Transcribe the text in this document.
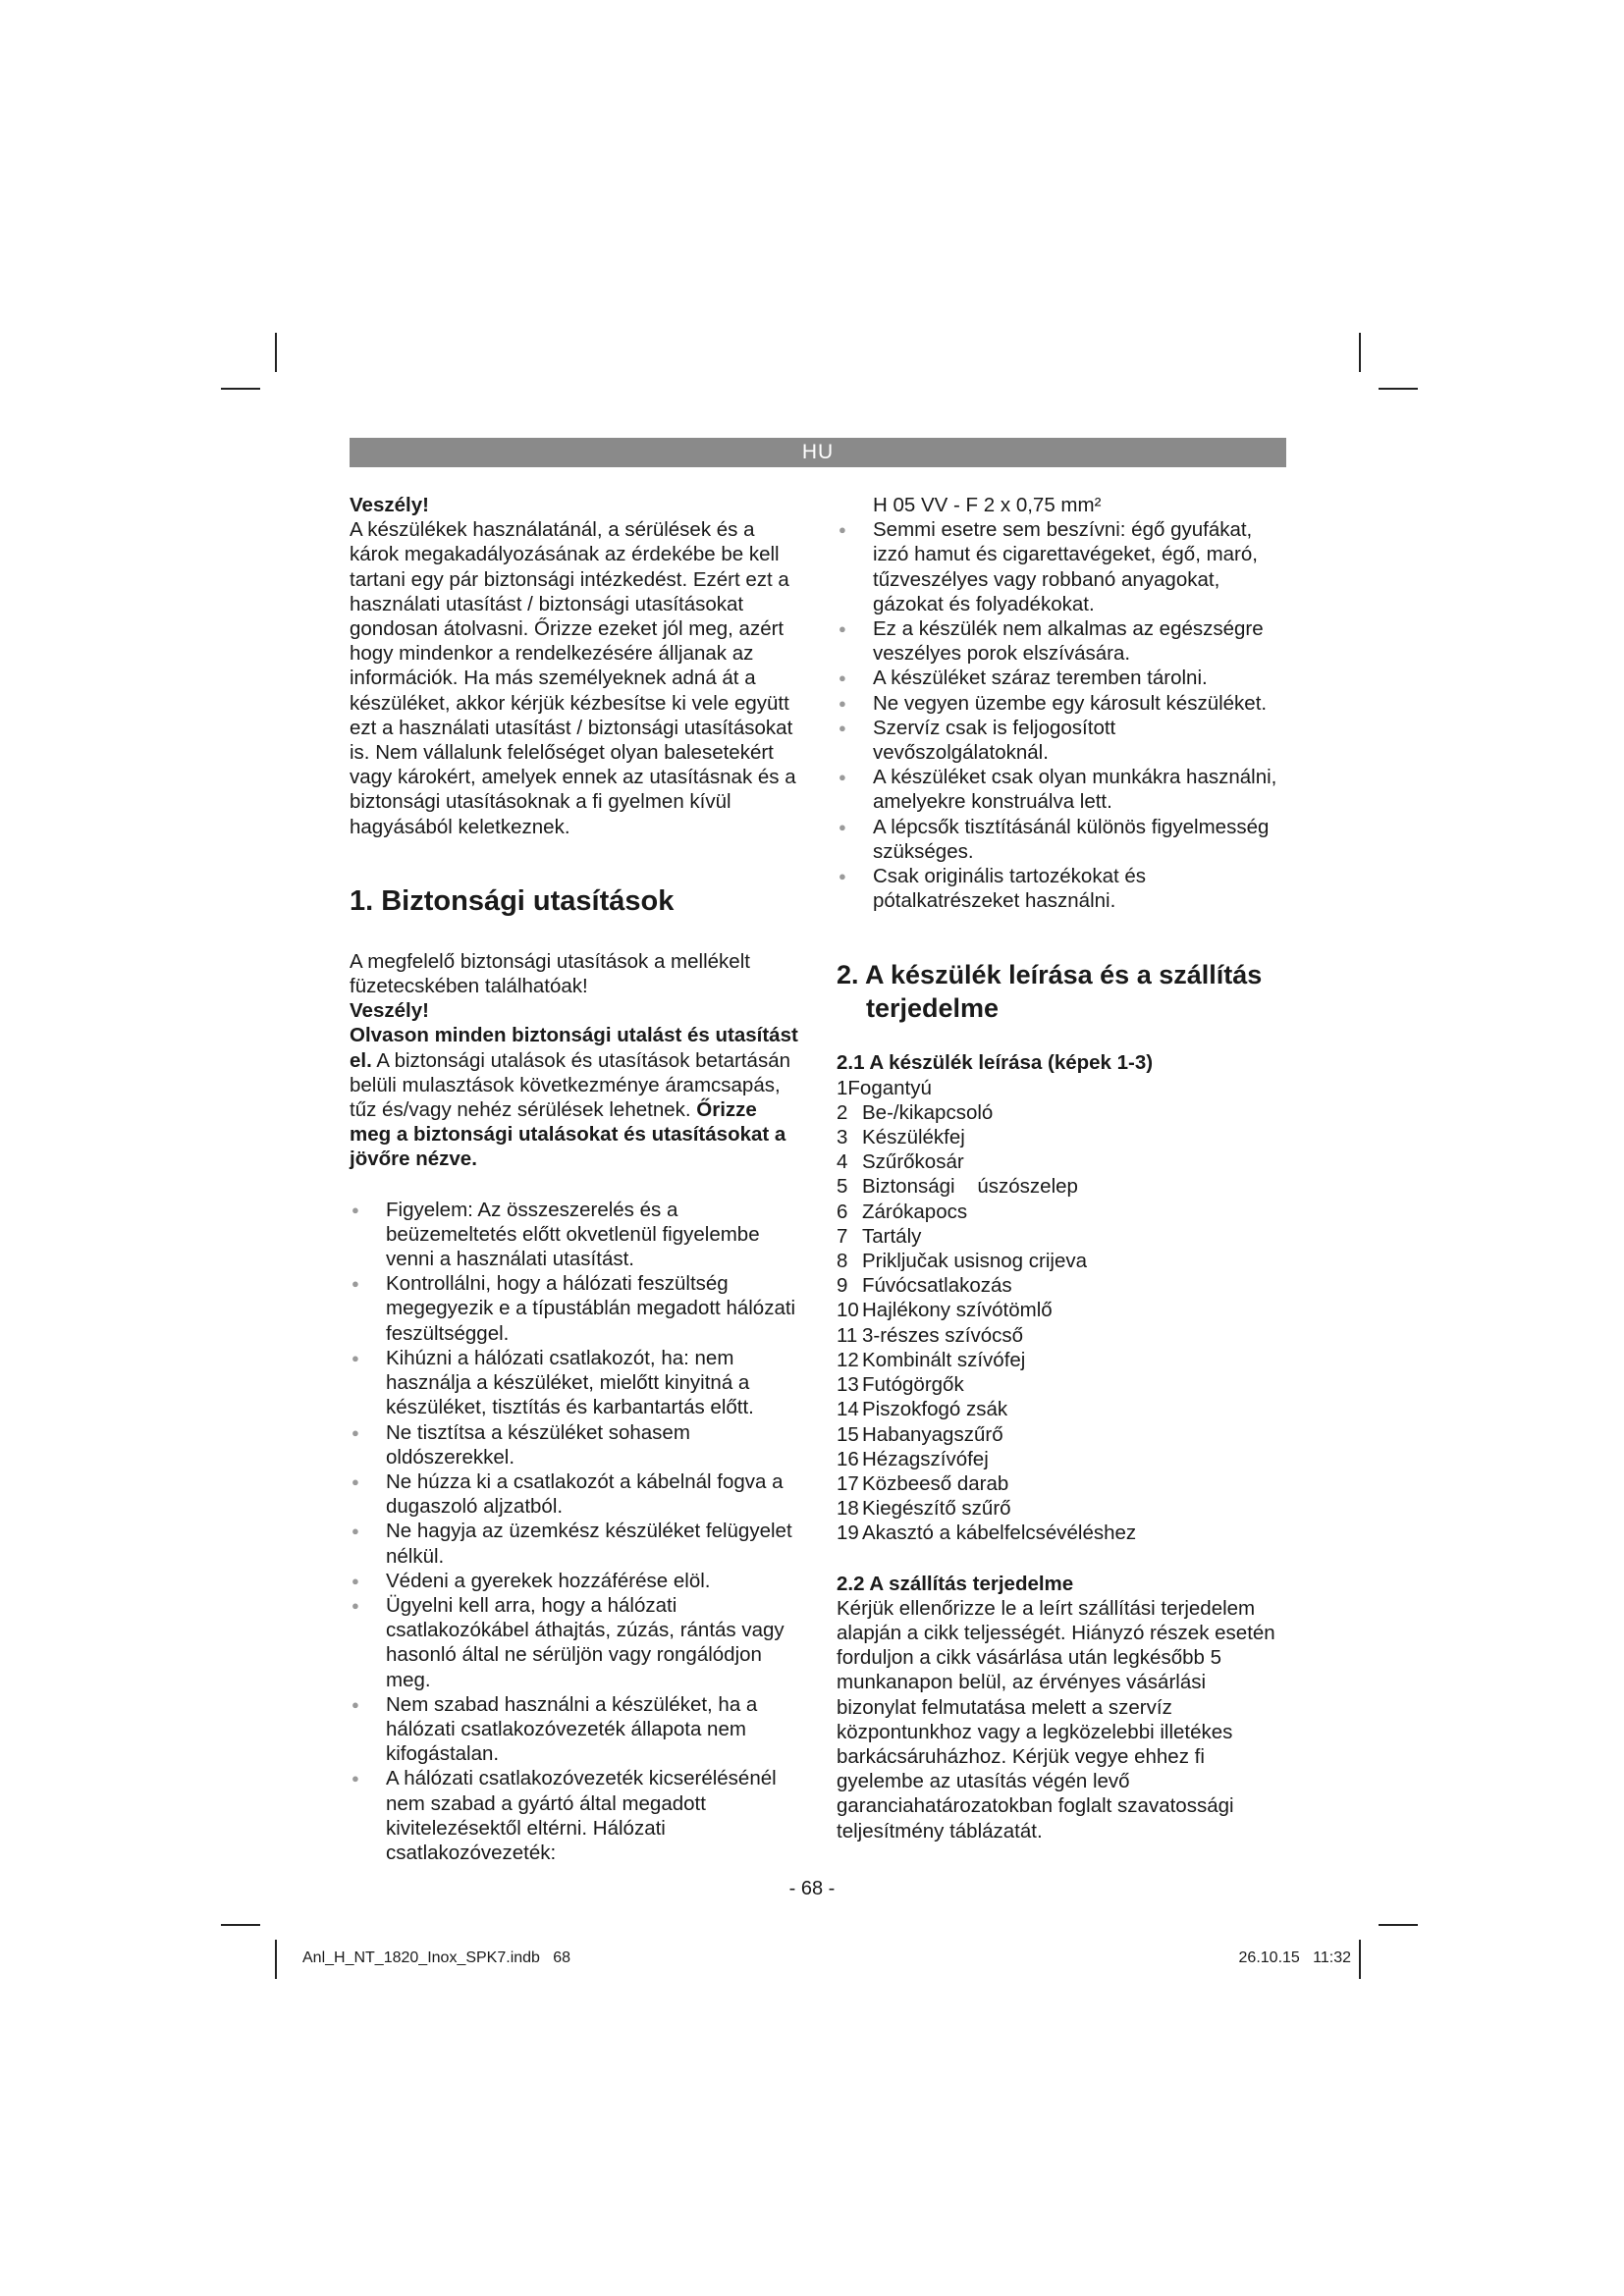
HU

Veszély!

A készülékek használatánál, a sérülések és a károk megakadályozásának az érdekébe be kell tartani egy pár biztonsági intézkedést. Ezért ezt a használati utasítást / biztonsági utasításokat gondosan átolvasni. Őrizze ezeket jól meg, azért hogy mindenkor a rendelkezésére álljanak az információk. Ha más személyeknek adná át a készüléket, akkor kérjük kézbesítse ki vele együtt ezt a használati utasítást / biztonsági utasításokat is. Nem vállalunk felelőséget olyan balesetekért vagy károkért, amelyek ennek az utasításnak és a biztonsági utasításoknak a fi gyelmen kívül hagyásából keletkeznek.

1. Biztonsági utasítások

A megfelelő biztonsági utasítások a mellékelt füzetecskében találhatóak!

Veszély!

Olvason minden biztonsági utalást és utasítást el. A biztonsági utalások és utasítások betartásán belüli mulasztások következménye áramcsapás, tűz és/vagy nehéz sérülések lehetnek. Őrizze meg a biztonsági utalásokat és utasításokat a jövőre nézve.

● Figyelem: Az összeszerelés és a beüzemeltetés előtt okvetlenül figyelembe venni a használati utasítást.
● Kontrollálni, hogy a hálózati feszültség megegyezik e a típustáblán megadott hálózati feszültséggel.
● Kihúzni a hálózati csatlakozót, ha: nem használja a készüléket, mielőtt kinyitná a készüléket, tisztítás és karbantartás előtt.
● Ne tisztítsa a készüléket sohasem oldószerekkel.
● Ne húzza ki a csatlakozót a kábelnál fogva a dugaszoló aljzatból.
● Ne hagyja az üzemkész készüléket felügyelet nélkül.
● Védeni a gyerekek hozzáférése elöl.
● Ügyelni kell arra, hogy a hálózati csatlakozókábel áthajtás, zúzás, rántás vagy hasonló által ne sérüljön vagy rongálódjon meg.
● Nem szabad használni a készüléket, ha a hálózati csatlakozóvezeték állapota nem kifogástalan.
● A hálózati csatlakozóvezeték kicserélésénél nem szabad a gyártó által megadott kivitelezésektől eltérni. Hálózati csatlakozóvezeték:

H 05 VV - F 2 x 0,75 mm²

● Semmi esetre sem beszívni: égő gyufákat, izzó hamut és cigarettavégeket, égő, maró, tűzveszélyes vagy robbanó anyagokat, gázokat és folyadékokat.
● Ez a készülék nem alkalmas az egészségre veszélyes porok elszívására.
● A készüléket száraz teremben tárolni.
● Ne vegyen üzembe egy károsult készüléket.
● Szervíz csak is feljogosított vevőszolgálatoknál.
● A készüléket csak olyan munkákra használni, amelyekre konstruálva lett.
● A lépcsők tisztításánál különös figyelmesség szükséges.
● Csak originális tartozékokat és pótalkatrészeket használni.
2. A készülék leírása és a szállítás
terjedelme

2.1 A készülék leírása (képek 1-3)

1Fogantyú
2 Be-/kikapcsoló
3 Készülékfej
4 Szűrőkosár
5 Biztonsági    úszószelep
6 Zárókapocs
7 Tartály
8 Priključak usisnog crijeva
9 Fúvócsatlakozás
10 Hajlékony szívótömlő
11 3-részes szívócső
12 Kombinált szívófej
13 Futógörgők
14 Piszokfogó zsák
15 Habanyagszűrő
16 Hézagszívófej
17 Közbeeső darab
18 Kiegészítő szűrő
19 Akasztó a kábelfelcsévéléshez

2.2 A szállítás terjedelme

Kérjük ellenőrizze le a leírt szállítási terjedelem alapján a cikk teljességét. Hiányzó részek esetén forduljon a cikk vásárlása után legkésőbb 5 munkanapon belül, az érvényes vásárlási bizonylat felmutatása melett a szervíz központunkhoz vagy a legközelebbi illetékes barkácsáruházhoz. Kérjük vegye ehhez fi gyelembe az utasítás végén levő garanciahatározatokban foglalt szavatossági teljesítmény táblázatát.

- 68 -
Anl_H_NT_1820_Inox_SPK7.indb   68	26.10.15   11:32
